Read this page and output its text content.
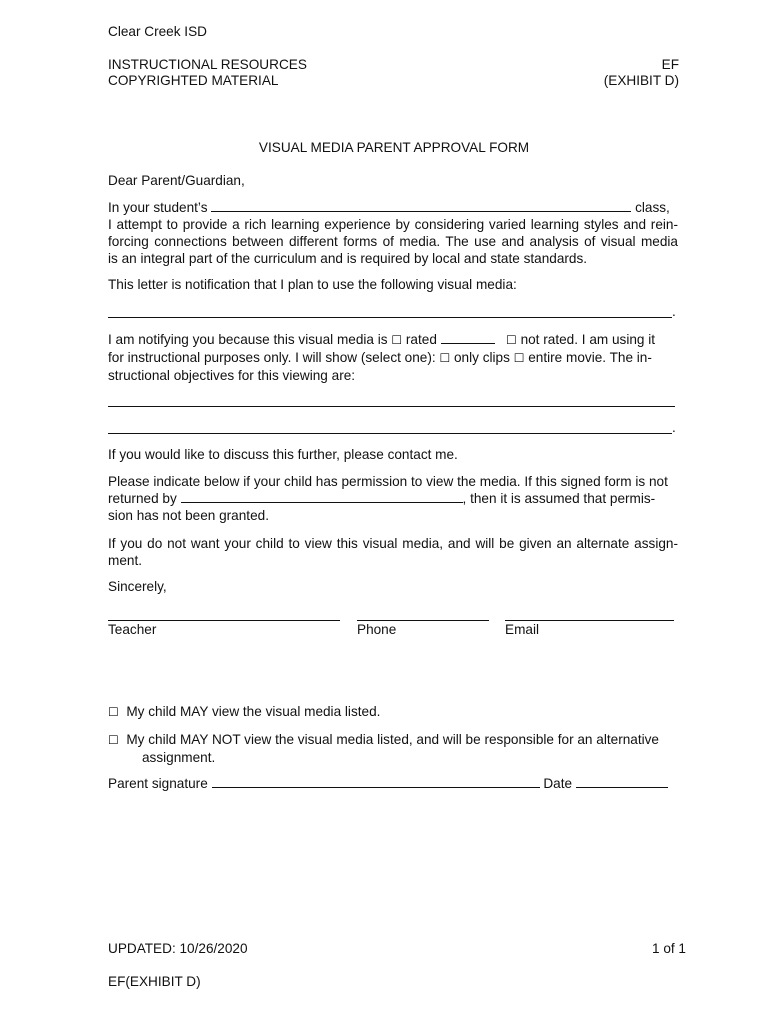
Clear Creek ISD
INSTRUCTIONAL RESOURCES
COPYRIGHTED MATERIAL
EF
(EXHIBIT D)
VISUAL MEDIA PARENT APPROVAL FORM
Dear Parent/Guardian,
In your student’s	class,
I attempt to provide a rich learning experience by considering varied learning styles and rein-
forcing connections between different forms of media. The use and analysis of visual media
is an integral part of the curriculum and is required by local and state standards.
This letter is notification that I plan to use the following visual media:
.
I am notifying you because this visual media is ☐ rated	☐ not rated. I am using it
for instructional purposes only. I will show (select one): ☐ only clips ☐ entire movie. The in-
structional objectives for this viewing are:
.
If you would like to discuss this further, please contact me.
Please indicate below if your child has permission to view the media. If this signed form is not
returned by	, then it is assumed that permis-
sion has not been granted.
If you do not want your child to view this visual media, and will be given an alternate assign-
ment.
Sincerely,
Teacher	Phone	Email
☐ My child MAY view the visual media listed.
☐ My child MAY NOT view the visual media listed, and will be responsible for an alternative
assignment.
Parent signature	Date
UPDATED: 10/26/2020	1 of 1
EF(EXHIBIT D)
